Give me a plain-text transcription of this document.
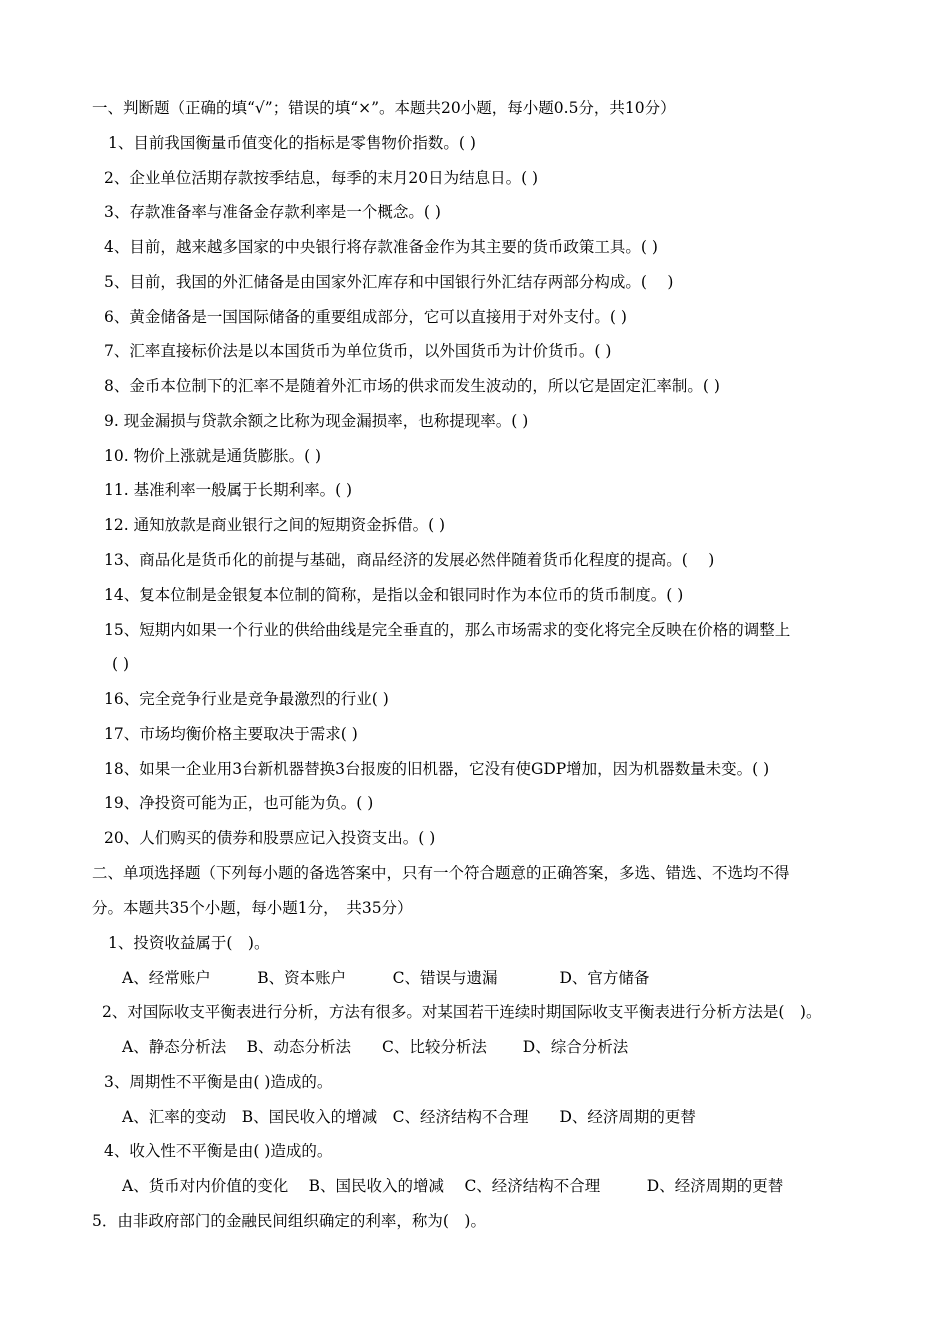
一、判断题（正确的填“√”；错误的填“×”。本题共20小题，每小题0.5分，共10分）
1、目前我国衡量币值变化的指标是零售物价指数。( )
2、企业单位活期存款按季结息，每季的末月20日为结息日。( )
3、存款准备率与准备金存款利率是一个概念。( )
4、目前，越来越多国家的中央银行将存款准备金作为其主要的货币政策工具。( )
5、目前，我国的外汇储备是由国家外汇库存和中国银行外汇结存两部分构成。(　 )
6、黄金储备是一国国际储备的重要组成部分，它可以直接用于对外支付。( )
7、汇率直接标价法是以本国货币为单位货币，以外国货币为计价货币。( )
8、金币本位制下的汇率不是随着外汇市场的供求而发生波动的，所以它是固定汇率制。( )
9. 现金漏损与贷款余额之比称为现金漏损率，也称提现率。( )
10. 物价上涨就是通货膨胀。( )
11. 基准利率一般属于长期利率。( )
12. 通知放款是商业银行之间的短期资金拆借。( )
13、商品化是货币化的前提与基础，商品经济的发展必然伴随着货币化程度的提高。(　 )
14、复本位制是金银复本位制的简称，是指以金和银同时作为本位币的货币制度。( )
15、短期内如果一个行业的供给曲线是完全垂直的，那么市场需求的变化将完全反映在价格的调整上
( )
16、完全竞争行业是竞争最激烈的行业( )
17、市场均衡价格主要取决于需求( )
18、如果一企业用3台新机器替换3台报废的旧机器，它没有使GDP增加，因为机器数量未变。( )
19、净投资可能为正，也可能为负。( )
20、人们购买的债券和股票应记入投资支出。( )
二、单项选择题（下列每小题的备选答案中，只有一个符合题意的正确答案，多选、错选、不选均不得
分。本题共35个小题，每小题1分，　共35分）
1、投资收益属于(　)。
A、经常账户　　　B、资本账户　　　C、错误与遗漏　　　　D、官方储备
2、对国际收支平衡表进行分析，方法有很多。对某国若干连续时期国际收支平衡表进行分析方法是(　)。
A、静态分析法　 B、动态分析法　　C、比较分析法　　 D、综合分析法
3、周期性不平衡是由( )造成的。
A、汇率的变动　B、国民收入的增减　C、经济结构不合理　　D、经济周期的更替
4、收入性不平衡是由( )造成的。
A、货币对内价值的变化　 B、国民收入的增减　 C、经济结构不合理　　　D、经济周期的更替
5．由非政府部门的金融民间组织确定的利率，称为(　)。
